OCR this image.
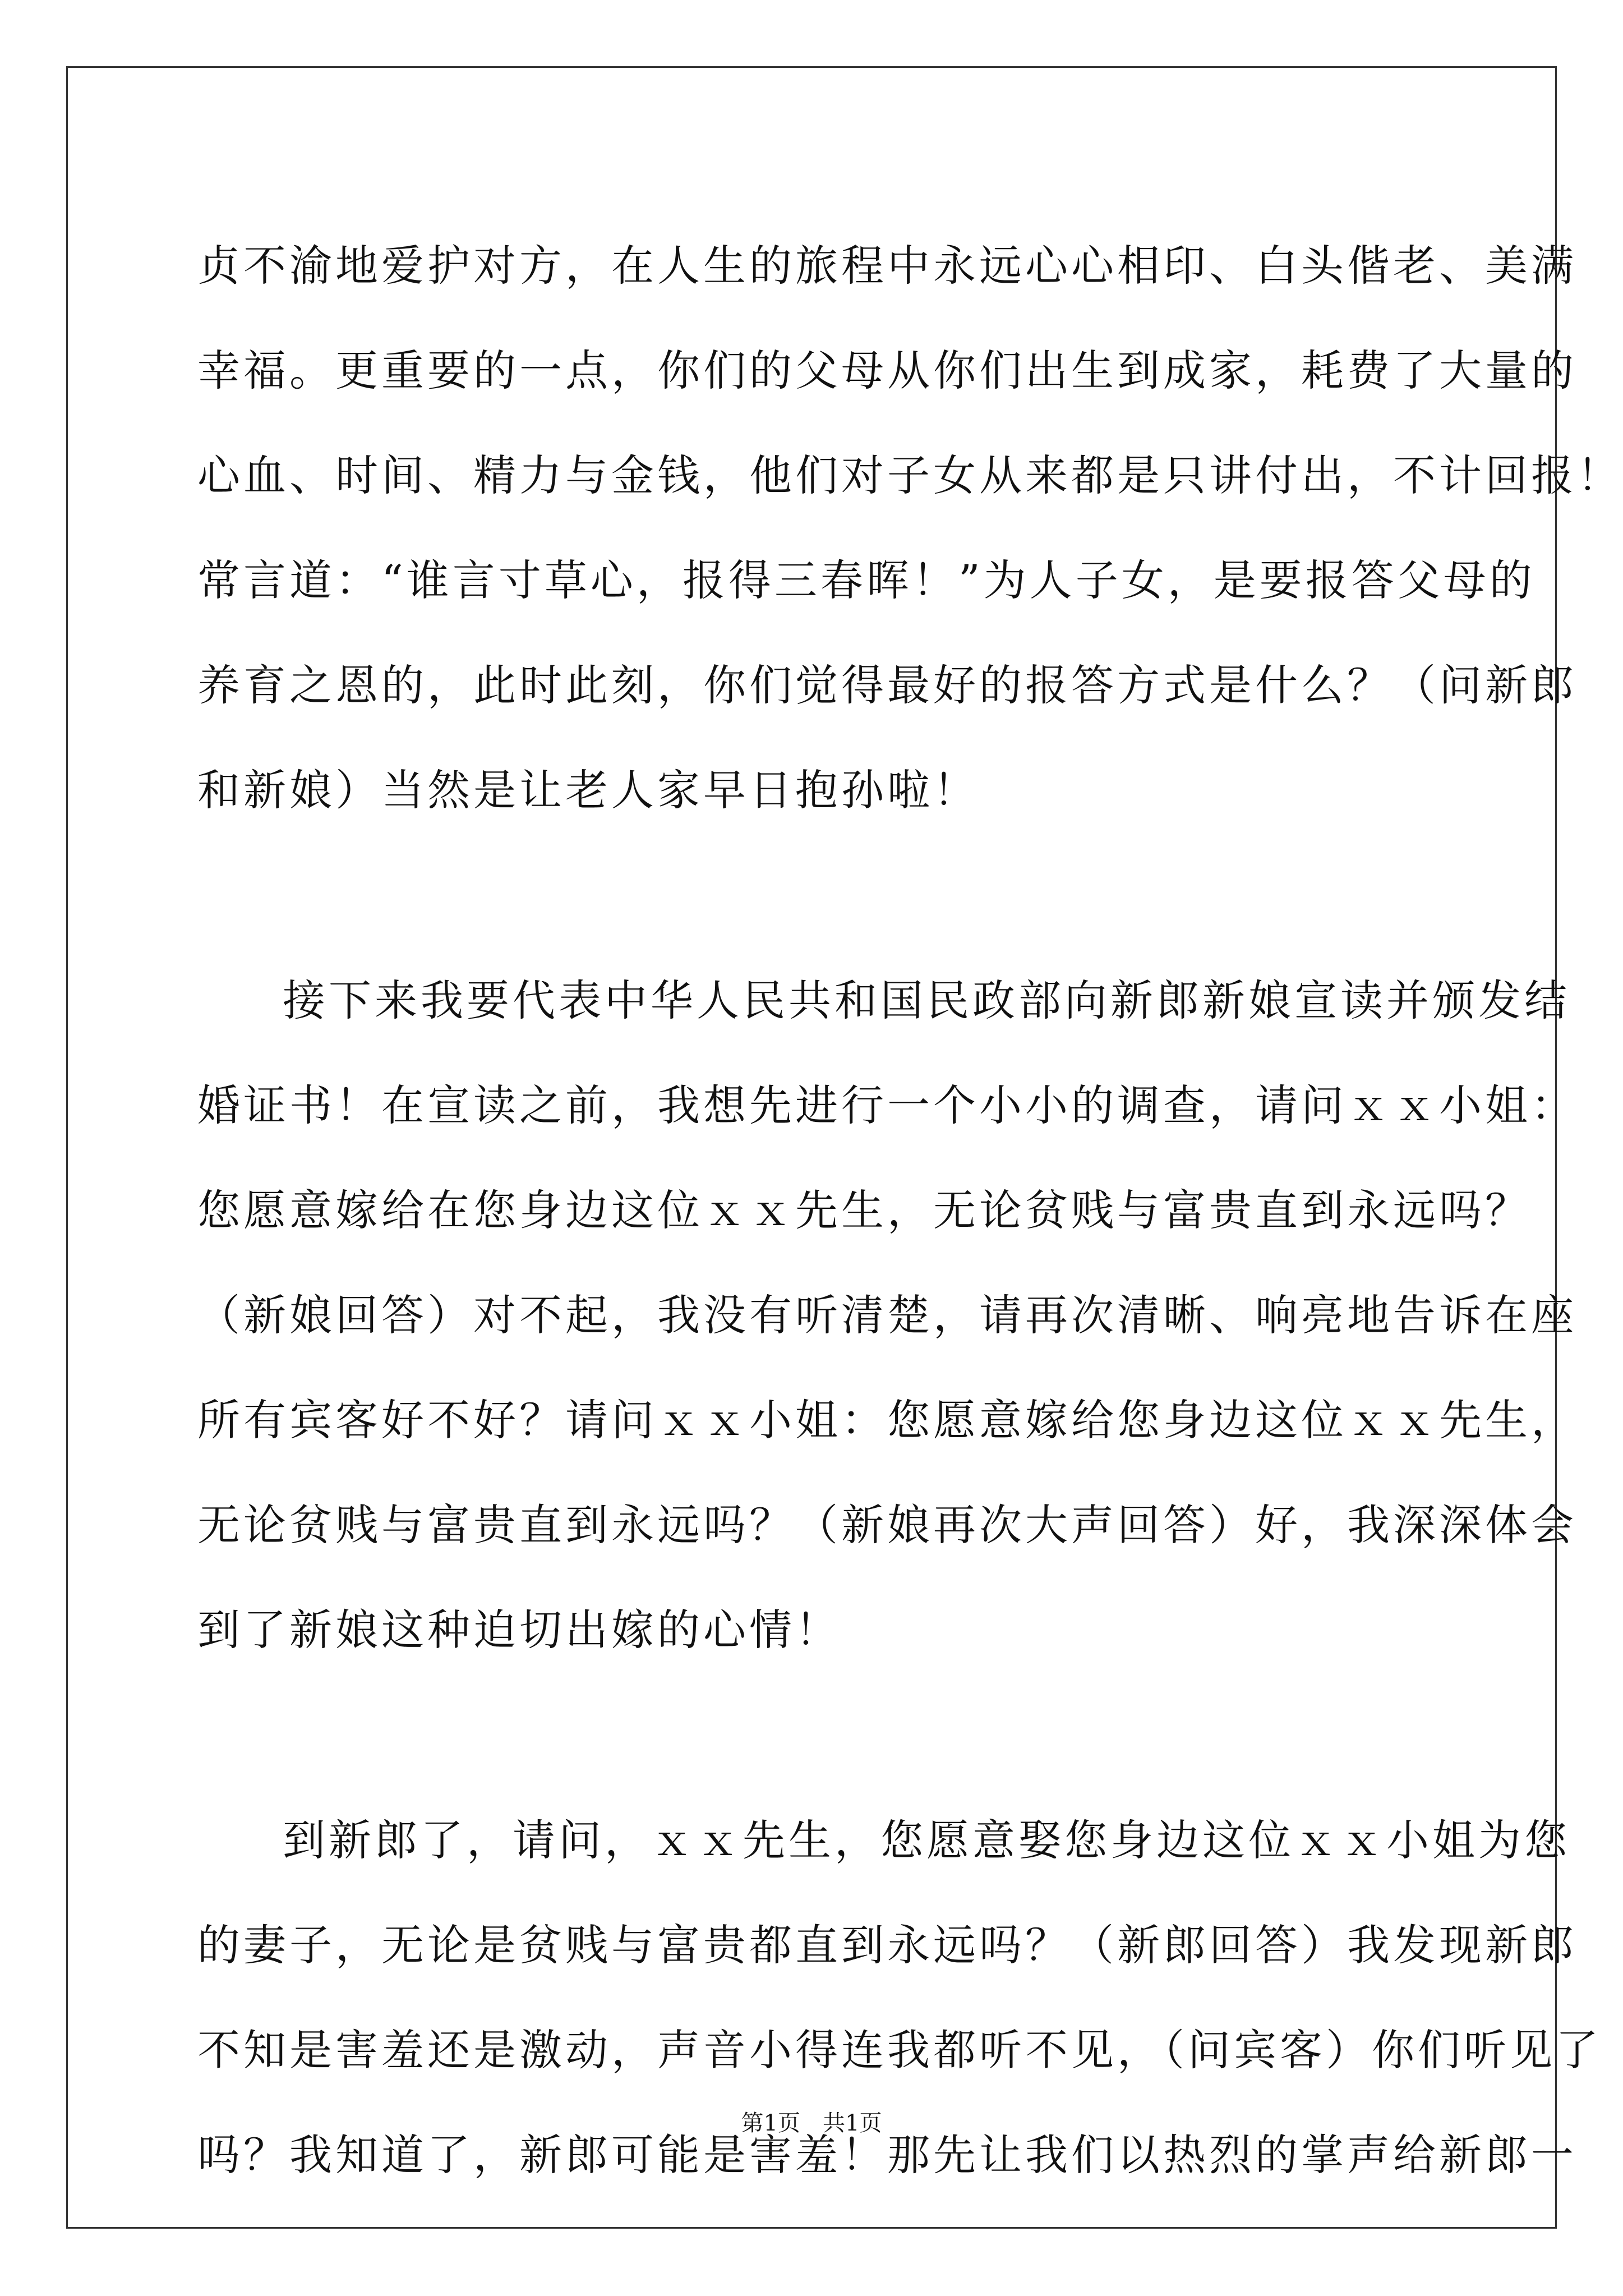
贞不渝地爱护对方，在人生的旅程中永远心心相印、白头偕老、美满
幸福。更重要的一点，你们的父母从你们出生到成家，耗费了大量的
心血、时间、精力与金钱，他们对子女从来都是只讲付出，不计回报！
常言道：“谁言寸草心，报得三春晖！”为人子女，是要报答父母的
养育之恩的，此时此刻，你们觉得最好的报答方式是什么？（问新郎
和新娘）当然是让老人家早日抱孙啦！
接下来我要代表中华人民共和国民政部向新郎新娘宣读并颁发结
婚证书！在宣读之前，我想先进行一个小小的调查，请问ｘｘ小姐：
您愿意嫁给在您身边这位ｘｘ先生，无论贫贱与富贵直到永远吗？
（新娘回答）对不起，我没有听清楚，请再次清晰、响亮地告诉在座
所有宾客好不好？请问ｘｘ小姐：您愿意嫁给您身边这位ｘｘ先生，
无论贫贱与富贵直到永远吗？（新娘再次大声回答）好，我深深体会
到了新娘这种迫切出嫁的心情！
到新郎了，请问，ｘｘ先生，您愿意娶您身边这位ｘｘ小姐为您
的妻子，无论是贫贱与富贵都直到永远吗？（新郎回答）我发现新郎
不知是害羞还是激动，声音小得连我都听不见，（问宾客）你们听见了
吗？我知道了，新郎可能是害羞！那先让我们以热烈的掌声给新郎一
第1页　共1页
